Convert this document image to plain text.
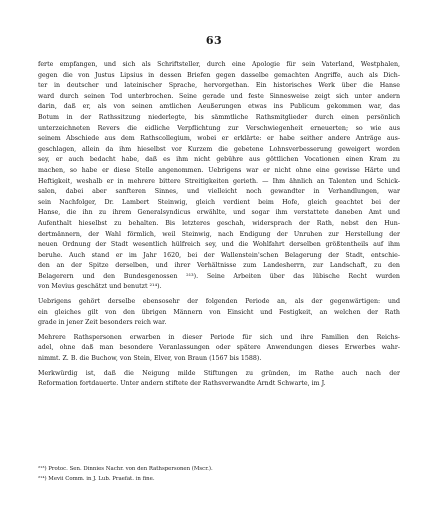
63
ferte empfangen, und sich als Schriftsteller, durch eine Apologie für sein Vaterland, Westphalen,
gegen die von Justus Lipsius in dessen Briefen gegen dasselbe gemachten Angriffe, auch als Dich-
ter in deutscher und lateinischer Sprache, hervorgethan. Ein historisches Werk über die Hanse
ward durch seinen Tod unterbrochen. Seine gerade und feste Sinnesweise zeigt sich unter andern
darin, daß er, als von seinen amtlichen Aeußerungen etwas ins Publicum gekommen war, das
Botum in der Rathssitzung niederlegte, bis sämmtliche Rathsmitglieder durch einen persönlich
unterzeichneten Revers die eidliche Verpflichtung zur Verschwiegenheit erneuerten; so wie aus
seinem Abschiede aus dem Rathscollegium, wobei er erklärte: er habe seither andere Anträge aus-
geschlagen, allein da ihm hieselbst vor Kurzem die gebetene Lohnsverbesserung geweigert worden
sey, er auch bedacht habe, daß es ihm nicht gebühre aus göttlichen Vocationen einen Kram zu
machen, so habe er diese Stelle angenommen. Uebrigens war er nicht ohne eine gewisse Härte und
Heftigkeit, weshalb er in mehrere bittere Streitigkeiten gerieth. — Ihm ähnlich an Talenten und Schick-
salen, dabei aber sanfteren Sinnes, und vielleicht noch gewandter in Verhandlungen, war
sein Nachfolger, Dr. Lambert Steinwig, gleich verdient beim Hofe, gleich geachtet bei der
Hanse, die ihn zu ihrem Generalsyndicus erwählte, und sogar ihm verstattete daneben Amt und
Aufenthalt hieselbst zu behalten. Bis letzteres geschah, widersprach der Rath, nebst den Hun-
dertmännern, der Wahl förmlich, weil Steinwig, nach Endigung der Unruhen zur Herstellung der
neuen Ordnung der Stadt wesentlich hülfreich sey, und die Wohlfahrt derselben größtentheils auf ihm
beruhe. Auch stand er im Jahr 1620, bei der Wallenstein'schen Belagerung der Stadt, entschie-
den an der Spitze derselben, und ihrer Verhältnisse zum Landesherrn, zur Landschaft, zu den
Belagerern und den Bundesgenossen ²¹³). Seine Arbeiten über das lübische Recht wurden
von Mevius geschätzt und benutzt ²¹⁴).
Uebrigens gehört derselbe ebensosehr der folgenden Periode an, als der gegenwärtigen: und
ein gleiches gilt von den übrigen Männern von Einsicht und Festigkeit, an welchen der Rath
grade in jener Zeit besonders reich war.
Mehrere Rathspersonen erwarben in dieser Periode für sich und ihre Familien den Reichs-
adel, ohne daß man besondere Veranlassungen oder spätere Anwendungen dieses Erwerbes wahr-
nimmt. Z. B. die Buchow, von Stein, Elver, von Braun (1567 bis 1588).
Merkwürdig ist, daß die Neigung milde Stiftungen zu gründen, im Rathe auch nach der
Reformation fortdauerte. Unter andern stiftete der Rathsverwandte Arndt Schwarte, im J.
²¹³) Protoc. Sen. Dinnies Nachr. von den Rathspersonen (Mscr.).
²¹⁴) Mevii Comm. in J. Lub. Praefat. in fine.
